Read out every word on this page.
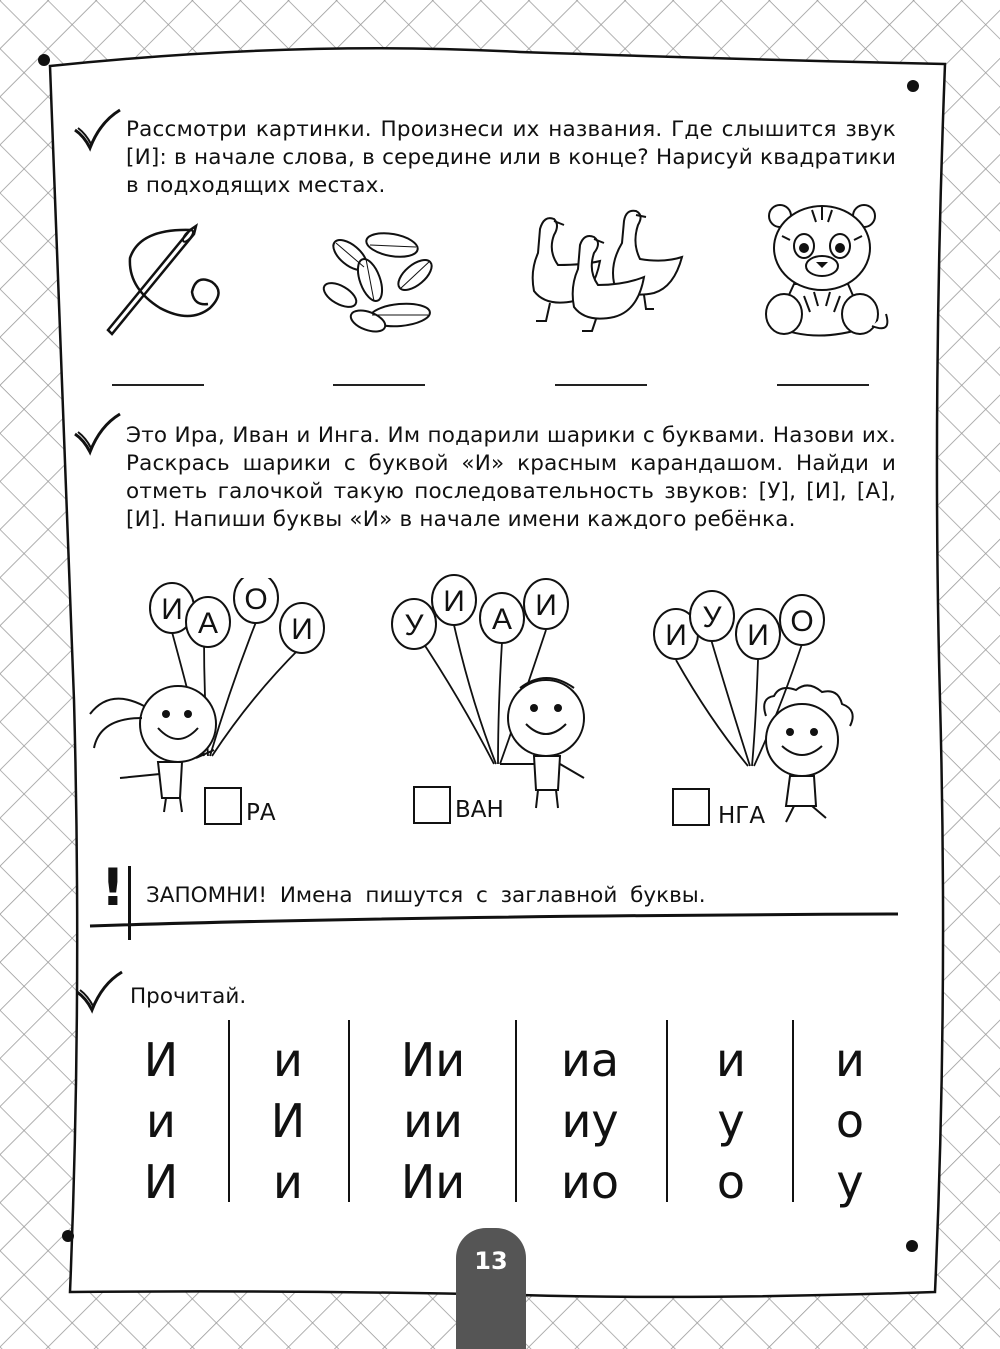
Рассмотри картинки. Произнеси их названия. Где слышится звук [И]: в начале слова, в середине или в конце? Нарисуй квадратики в подходящих местах.
Это Ира, Иван и Инга. Им подарили шарики с буквами. Назови их. Раскрась шарики с буквой «И» красным карандашом. Найди и отметь галочкой такую последовательность звуков: [У], [И], [А], [И]. Напиши буквы «И» в начале имени каждого ребёнка.
И А
О
И
РА
У
И
А И
ВАН
И
У
И О
НГА
! ЗАПОМНИ! Имена пишутся с заглавной буквы.
Прочитай.
И
и
И
и
И
и
Ии
ии
Ии
иа
иу
ио
и
у
о
и
о
у
13
